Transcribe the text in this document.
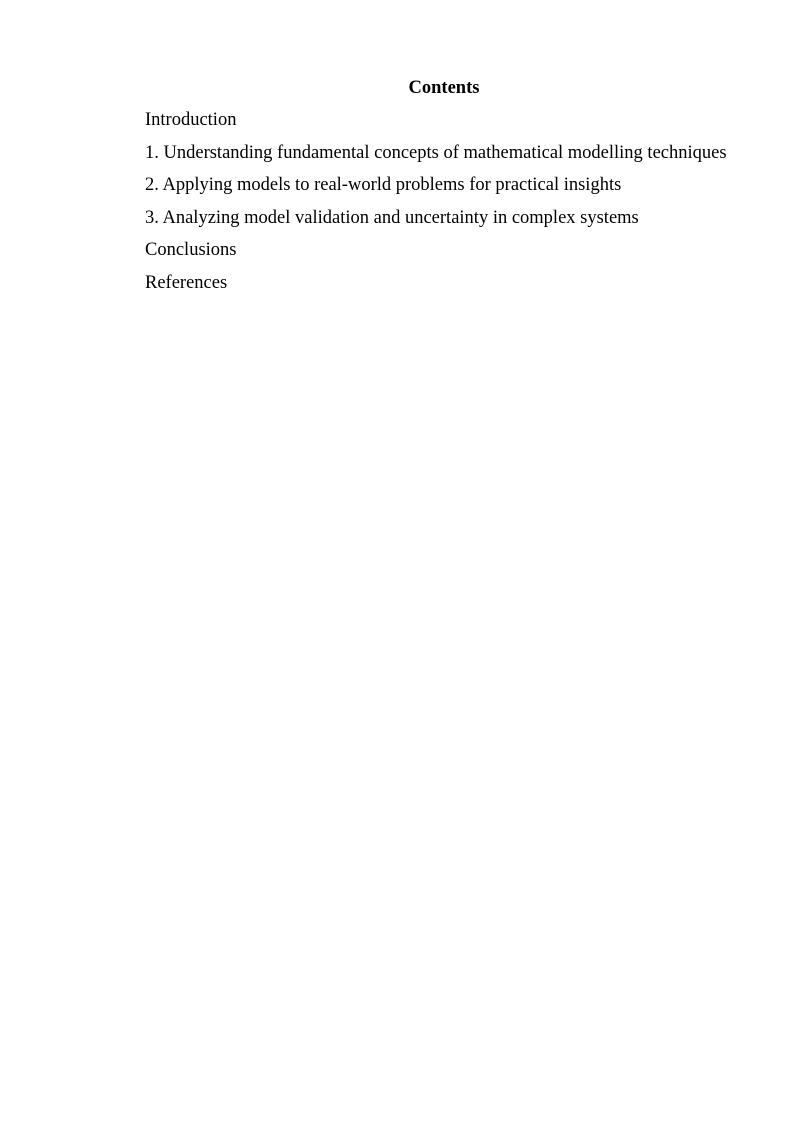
Contents
Introduction
1. Understanding fundamental concepts of mathematical modelling techniques
2. Applying models to real-world problems for practical insights
3. Analyzing model validation and uncertainty in complex systems
Conclusions
References
